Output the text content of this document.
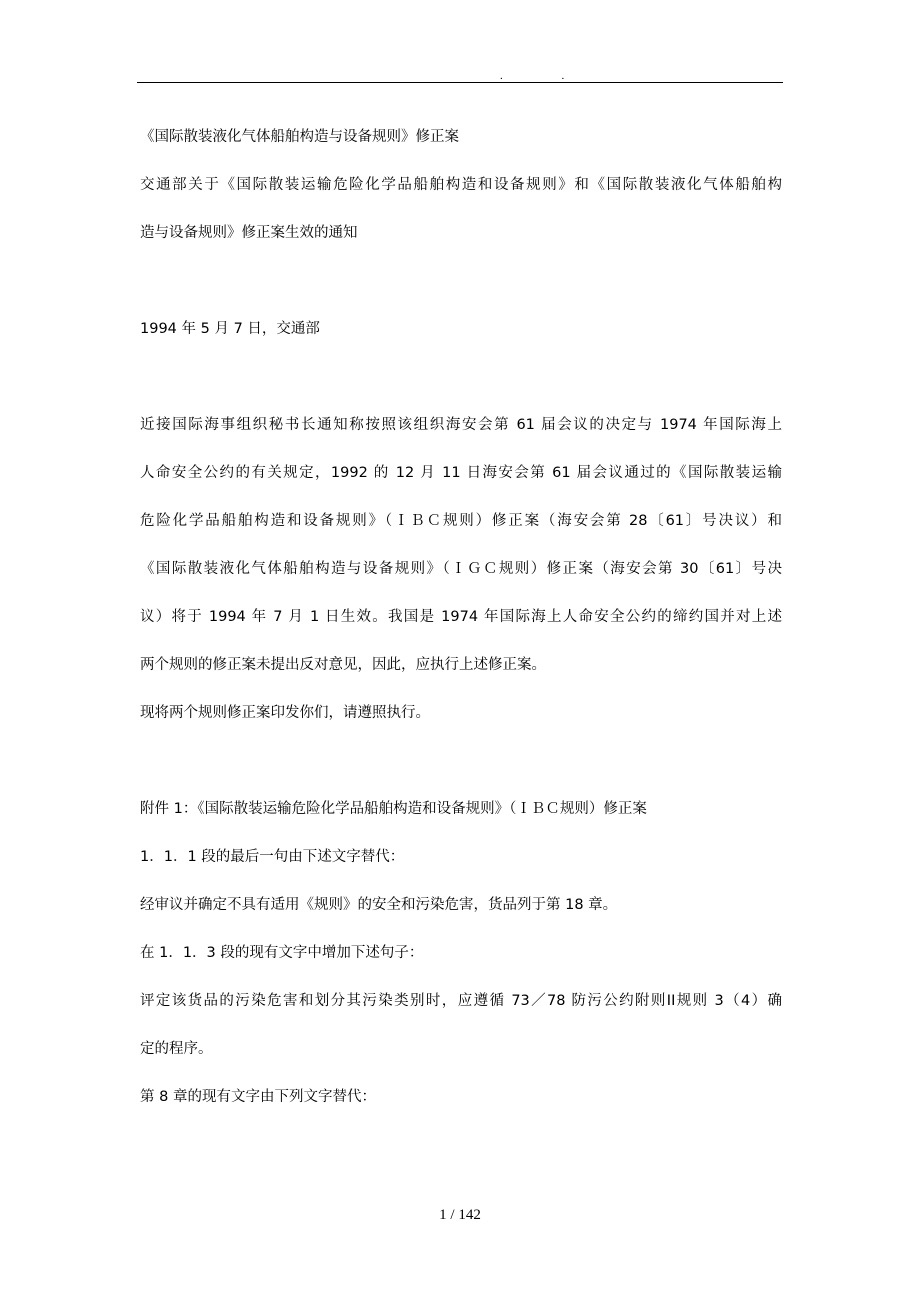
. .
《国际散装液化气体船舶构造与设备规则》修正案
交通部关于《国际散装运输危险化学品船舶构造和设备规则》和《国际散装液化气体船舶构
造与设备规则》修正案生效的通知
1994 年 5 月 7 日，交通部
近接国际海事组织秘书长通知称按照该组织海安会第 61 届会议的决定与 1974 年国际海上
人命安全公约的有关规定，1992 的 12 月 11 日海安会第 61 届会议通过的《国际散装运输
危险化学品船舶构造和设备规则》（ＩＢＣ规则）修正案（海安会第 28〔61〕号决议）和
《国际散装液化气体船舶构造与设备规则》（ＩＧＣ规则）修正案（海安会第 30〔61〕号决
议）将于 1994 年 7 月 1 日生效。我国是 1974 年国际海上人命安全公约的缔约国并对上述
两个规则的修正案未提出反对意见，因此，应执行上述修正案。
现将两个规则修正案印发你们，请遵照执行。
附件 1：《国际散装运输危险化学品船舶构造和设备规则》（ＩＢＣ规则）修正案
1．1．1 段的最后一句由下述文字替代：
经审议并确定不具有适用《规则》的安全和污染危害，货品列于第 18 章。
在 1．1．3 段的现有文字中增加下述句子：
评定该货品的污染危害和划分其污染类别时，应遵循 73／78 防污公约附则II规则 3（4）确
定的程序。
第 8 章的现有文字由下列文字替代：
1 / 142
